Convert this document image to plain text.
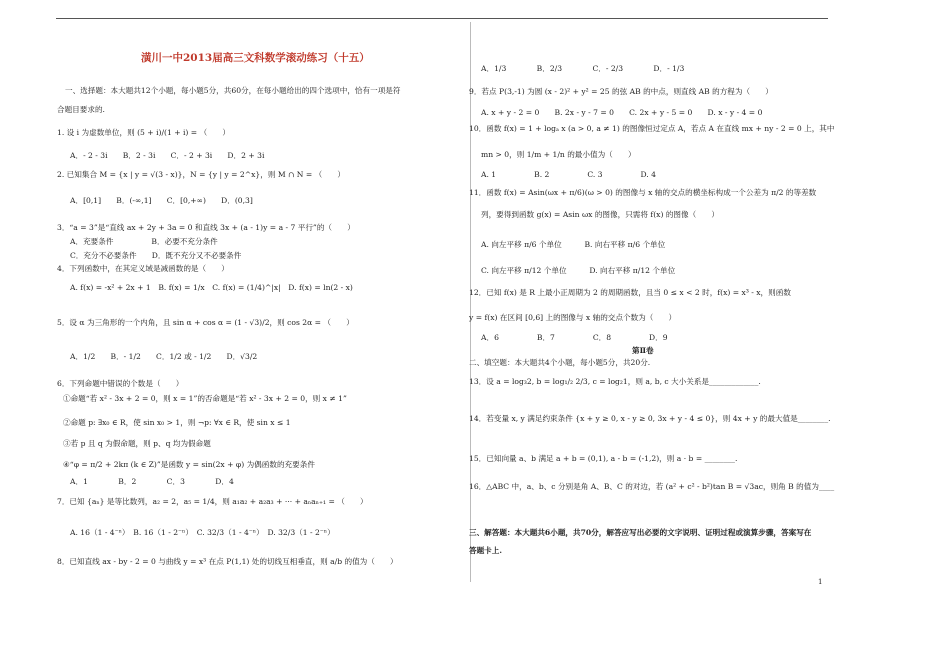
潢川一中2013届高三文科数学滚动练习（十五）
一、选择题：本大题共12个小题，每小题5分，共60分，在每小题给出的四个选项中，恰有一项是符
合题目要求的.
1. 设 i 为虚数单位，则 (5 + i)/(1 + i) = （　　）
A．- 2 - 3i　　B．2 - 3i　　C．- 2 + 3i　　D．2 + 3i
2. 已知集合 M = {x | y = √(3 - x)}，N = {y | y = 2^x}，则 M ∩ N = （　　）
A．[0,1]　　B．(-∞,1]　　C．[0,+∞)　　D．(0,3]
3．“a = 3”是“直线 ax + 2y + 3a = 0 和直线 3x + (a - 1)y = a - 7 平行”的（　　）
A．充要条件　　　　　B．必要不充分条件
C．充分不必要条件　　D．既不充分又不必要条件
4．下列函数中，在其定义域是减函数的是（　　）
A. f(x) = -x² + 2x + 1　B. f(x) = 1/x　C. f(x) = (1/4)^|x|　D. f(x) = ln(2 - x)
5．设 α 为三角形的一个内角，且 sin α + cos α = (1 - √3)/2，则 cos 2α = （　　）
A．1/2　　B．- 1/2　　C．1/2 或 - 1/2　　D．√3/2
6．下列命题中错误的个数是（　　）
①命题“若 x² - 3x + 2 = 0，则 x = 1”的否命题是“若 x² - 3x + 2 = 0，则 x ≠ 1”
②命题 p: ∃x₀ ∈ R，使 sin x₀ > 1，则 ¬p: ∀x ∈ R，使 sin x ≤ 1
③若 p 且 q 为假命题，则 p、q 均为假命题
④“φ = π/2 + 2kπ (k ∈ Z)”是函数 y = sin(2x + φ) 为偶函数的充要条件
A．1　　　　B．2　　　　C．3　　　　D．4
7．已知 {aₙ} 是等比数列，a₂ = 2，a₅ = 1/4，则 a₁a₂ + a₂a₃ + ··· + aₙaₙ₊₁ = （　　）
A. 16（1 - 4⁻ⁿ）　B. 16（1 - 2⁻ⁿ）　C. 32/3（1 - 4⁻ⁿ）　D. 32/3（1 - 2⁻ⁿ）
8．已知直线 ax - by - 2 = 0 与曲线 y = x³ 在点 P(1,1) 处的切线互相垂直，则 a/b 的值为（　　）
A．1/3　　　　B．2/3　　　　C．- 2/3　　　　D．- 1/3
9．若点 P(3,-1) 为圆 (x - 2)² + y² = 25 的弦 AB 的中点，则直线 AB 的方程为（　　）
A. x + y - 2 = 0　　B. 2x - y - 7 = 0　　C. 2x + y - 5 = 0　　D. x - y - 4 = 0
10．函数 f(x) = 1 + logₐ x (a > 0, a ≠ 1) 的图像恒过定点 A，若点 A 在直线 mx + ny - 2 = 0 上，其中
mn > 0，则 1/m + 1/n 的最小值为（　　）
A. 1　　　　　B. 2　　　　　C. 3　　　　　D. 4
11．函数 f(x) = Asin(ωx + π/6)(ω > 0) 的图像与 x 轴的交点的横坐标构成一个公差为 π/2 的等差数
列，要得到函数 g(x) = Asin ωx 的图像，只需将 f(x) 的图像（　　）
A. 向左平移 π/6 个单位　　　B. 向右平移 π/6 个单位
C. 向左平移 π/12 个单位　　　D. 向右平移 π/12 个单位
12．已知 f(x) 是 R 上最小正周期为 2 的周期函数，且当 0 ≤ x < 2 时，f(x) = x³ - x，则函数
y = f(x) 在区间 [0,6] 上的图像与 x 轴的交点个数为（　　）
A．6　　　　　B．7　　　　　C．8　　　　　D．9
第Ⅱ卷
二、填空题：本大题共4个小题，每小题5分，共20分.
13．设 a = log₃2, b = log₁/₂ 2/3, c = log₂1，则 a, b, c 大小关系是_____________.
14．若变量 x, y 满足约束条件 {x + y ≥ 0, x - y ≥ 0, 3x + y - 4 ≤ 0}，则 4x + y 的最大值是________.
15．已知向量 a、b 满足 a + b = (0,1), a - b = (-1,2)，则 a · b = ________.
16．△ABC 中，a、b、c 分别是角 A、B、C 的对边，若 (a² + c² - b²)tan B = √3ac，则角 B 的值为____
三、解答题：本大题共6小题，共70分，解答应写出必要的文字说明、证明过程或演算步骤，答案写在
答题卡上.
1
